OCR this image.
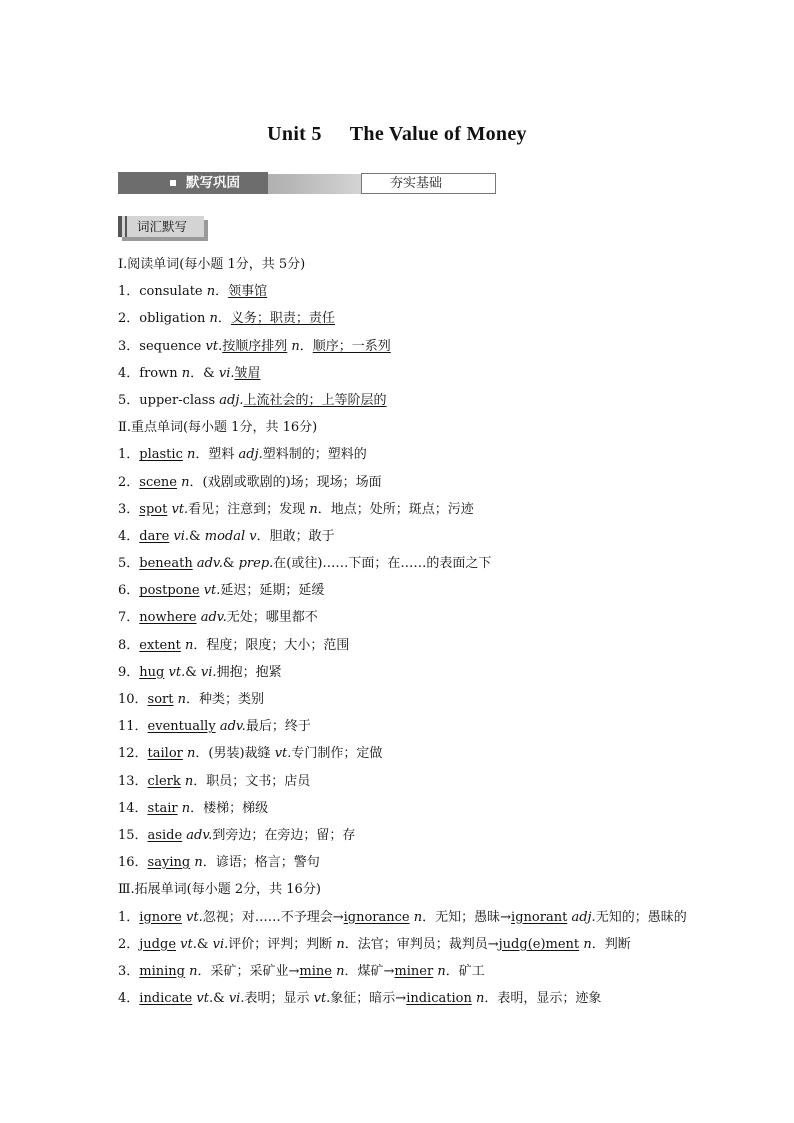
Unit 5 The Value of Money
默写巩固	夯实基础
词汇默写
Ⅰ.阅读单词(每小题 1分，共 5分)
1．consulate n．领事馆
2．obligation n．义务；职责；责任
3．sequence vt.按顺序排列 n．顺序；一系列
4．frown n．& vi.皱眉
5．upper-class adj.上流社会的；上等阶层的
Ⅱ.重点单词(每小题 1分，共 16分)
1．plastic n．塑料 adj.塑料制的；塑料的
2．scene n．(戏剧或歌剧的)场；现场；场面
3．spot vt.看见；注意到；发现 n．地点；处所；斑点；污迹
4．dare vi.& modal v．胆敢；敢于
5．beneath adv.& prep.在(或往)……下面；在……的表面之下
6．postpone vt.延迟；延期；延缓
7．nowhere adv.无处；哪里都不
8．extent n．程度；限度；大小；范围
9．hug vt.& vi.拥抱；抱紧
10．sort n．种类；类别
11．eventually adv.最后；终于
12．tailor n．(男装)裁缝 vt.专门制作；定做
13．clerk n．职员；文书；店员
14．stair n．楼梯；梯级
15．aside adv.到旁边；在旁边；留；存
16．saying n．谚语；格言；警句
Ⅲ.拓展单词(每小题 2分，共 16分)
1．ignore vt.忽视；对……不予理会→ignorance n．无知；愚昧→ignorant adj.无知的；愚昧的
2．judge vt.& vi.评价；评判；判断 n．法官；审判员；裁判员→judg(e)ment n．判断
3．mining n．采矿；采矿业→mine n．煤矿→miner n．矿工
4．indicate vt.& vi.表明；显示 vt.象征；暗示→indication n．表明，显示；迹象
